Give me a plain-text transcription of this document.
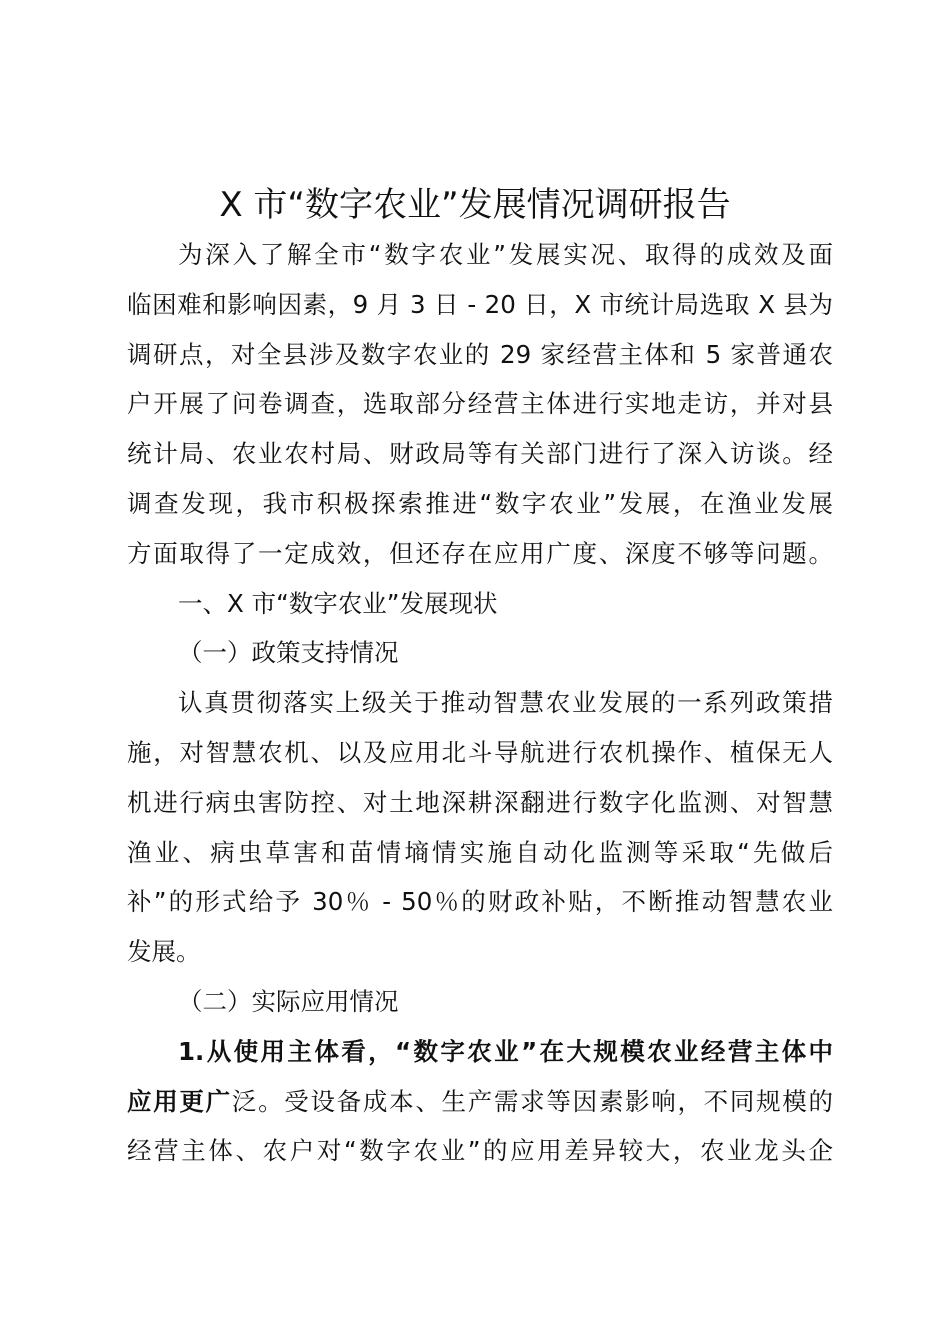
X 市“数字农业”发展情况调研报告
为深入了解全市“数字农业”发展实况、取得的成效及面
临困难和影响因素，9 月 3 日 - 20 日，X 市统计局选取 X 县为
调研点，对全县涉及数字农业的 29 家经营主体和 5 家普通农
户开展了问卷调查，选取部分经营主体进行实地走访，并对县
统计局、农业农村局、财政局等有关部门进行了深入访谈。经
调查发现，我市积极探索推进“数字农业”发展，在渔业发展
方面取得了一定成效，但还存在应用广度、深度不够等问题。
一、X 市“数字农业”发展现状
（一）政策支持情况
认真贯彻落实上级关于推动智慧农业发展的一系列政策措
施，对智慧农机、以及应用北斗导航进行农机操作、植保无人
机进行病虫害防控、对土地深耕深翻进行数字化监测、对智慧
渔业、病虫草害和苗情墒情实施自动化监测等采取“先做后
补”的形式给予 30％ - 50％的财政补贴，不断推动智慧农业
发展。
（二）实际应用情况
1.从使用主体看，“数字农业”在大规模农业经营主体中
应用更广泛。受设备成本、生产需求等因素影响，不同规模的
经营主体、农户对“数字农业”的应用差异较大，农业龙头企
